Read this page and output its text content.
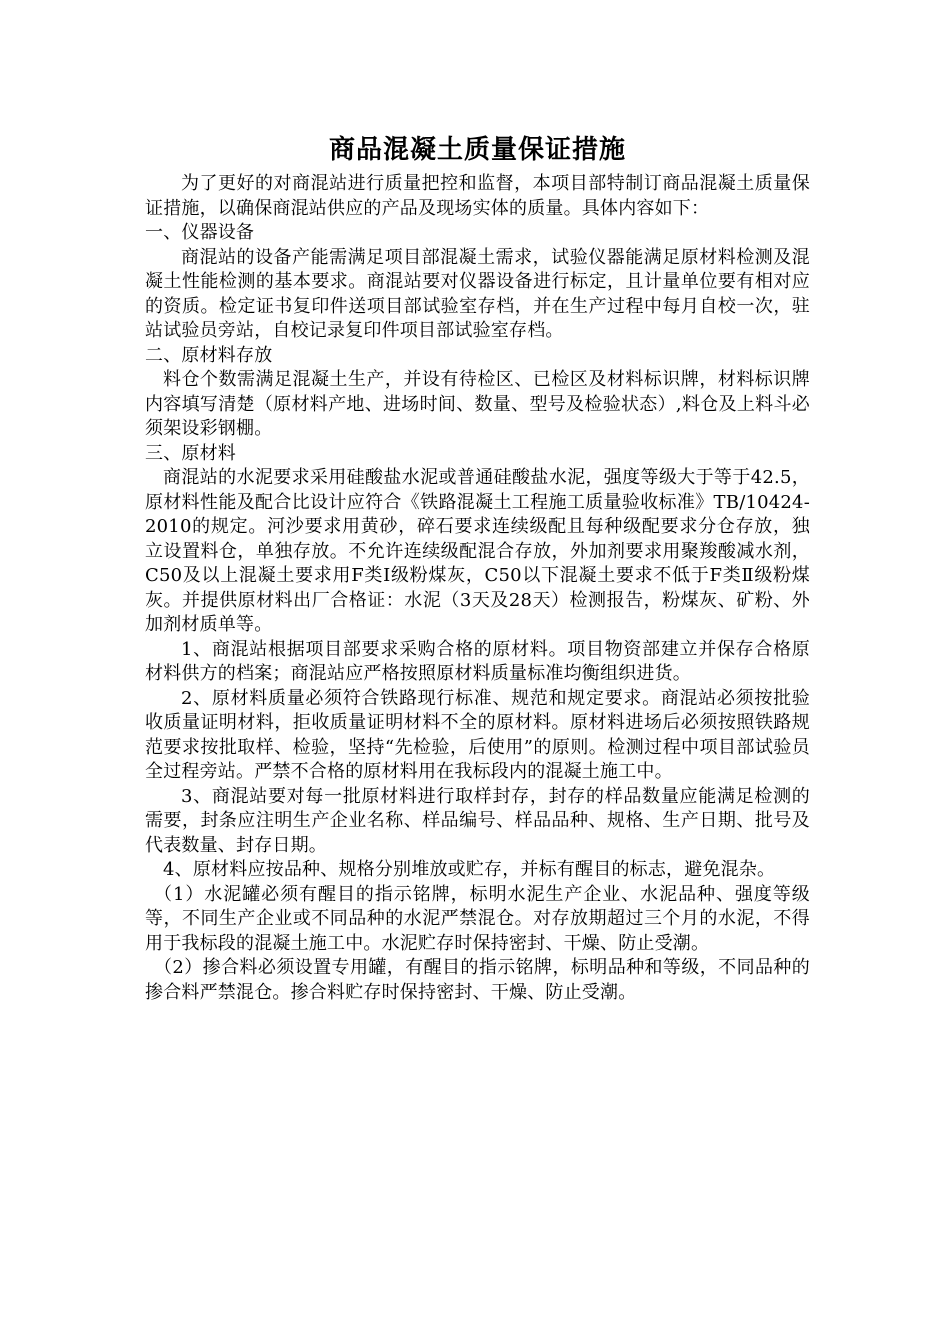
商品混凝土质量保证措施

为了更好的对商混站进行质量把控和监督，本项目部特制订商品混凝土质量保证措施，以确保商混站供应的产品及现场实体的质量。具体内容如下：

一、仪器设备

商混站的设备产能需满足项目部混凝土需求，试验仪器能满足原材料检测及混凝土性能检测的基本要求。商混站要对仪器设备进行标定，且计量单位要有相对应的资质。检定证书复印件送项目部试验室存档，并在生产过程中每月自校一次，驻站试验员旁站，自校记录复印件项目部试验室存档。

二、原材料存放

料仓个数需满足混凝土生产，并设有待检区、已检区及材料标识牌，材料标识牌内容填写清楚（原材料产地、进场时间、数量、型号及检验状态）,料仓及上料斗必须架设彩钢棚。

三、原材料

商混站的水泥要求采用硅酸盐水泥或普通硅酸盐水泥，强度等级大于等于42.5，原材料性能及配合比设计应符合《铁路混凝土工程施工质量验收标准》TB/10424-2010的规定。河沙要求用黄砂，碎石要求连续级配且每种级配要求分仓存放，独立设置料仓，单独存放。不允许连续级配混合存放，外加剂要求用聚羧酸减水剂，C50及以上混凝土要求用F类Ⅰ级粉煤灰，C50以下混凝土要求不低于F类Ⅱ级粉煤灰。并提供原材料出厂合格证：水泥（3天及28天）检测报告，粉煤灰、矿粉、外加剂材质单等。

1、商混站根据项目部要求采购合格的原材料。项目物资部建立并保存合格原材料供方的档案；商混站应严格按照原材料质量标准均衡组织进货。

2、原材料质量必须符合铁路现行标准、规范和规定要求。商混站必须按批验收质量证明材料，拒收质量证明材料不全的原材料。原材料进场后必须按照铁路规范要求按批取样、检验，坚持“先检验，后使用”的原则。检测过程中项目部试验员全过程旁站。严禁不合格的原材料用在我标段内的混凝土施工中。

3、商混站要对每一批原材料进行取样封存，封存的样品数量应能满足检测的需要，封条应注明生产企业名称、样品编号、样品品种、规格、生产日期、批号及代表数量、封存日期。

4、原材料应按品种、规格分别堆放或贮存，并标有醒目的标志，避免混杂。

（1）水泥罐必须有醒目的指示铭牌，标明水泥生产企业、水泥品种、强度等级等，不同生产企业或不同品种的水泥严禁混仓。对存放期超过三个月的水泥，不得用于我标段的混凝土施工中。水泥贮存时保持密封、干燥、防止受潮。

（2）掺合料必须设置专用罐，有醒目的指示铭牌，标明品种和等级，不同品种的掺合料严禁混仓。掺合料贮存时保持密封、干燥、防止受潮。
